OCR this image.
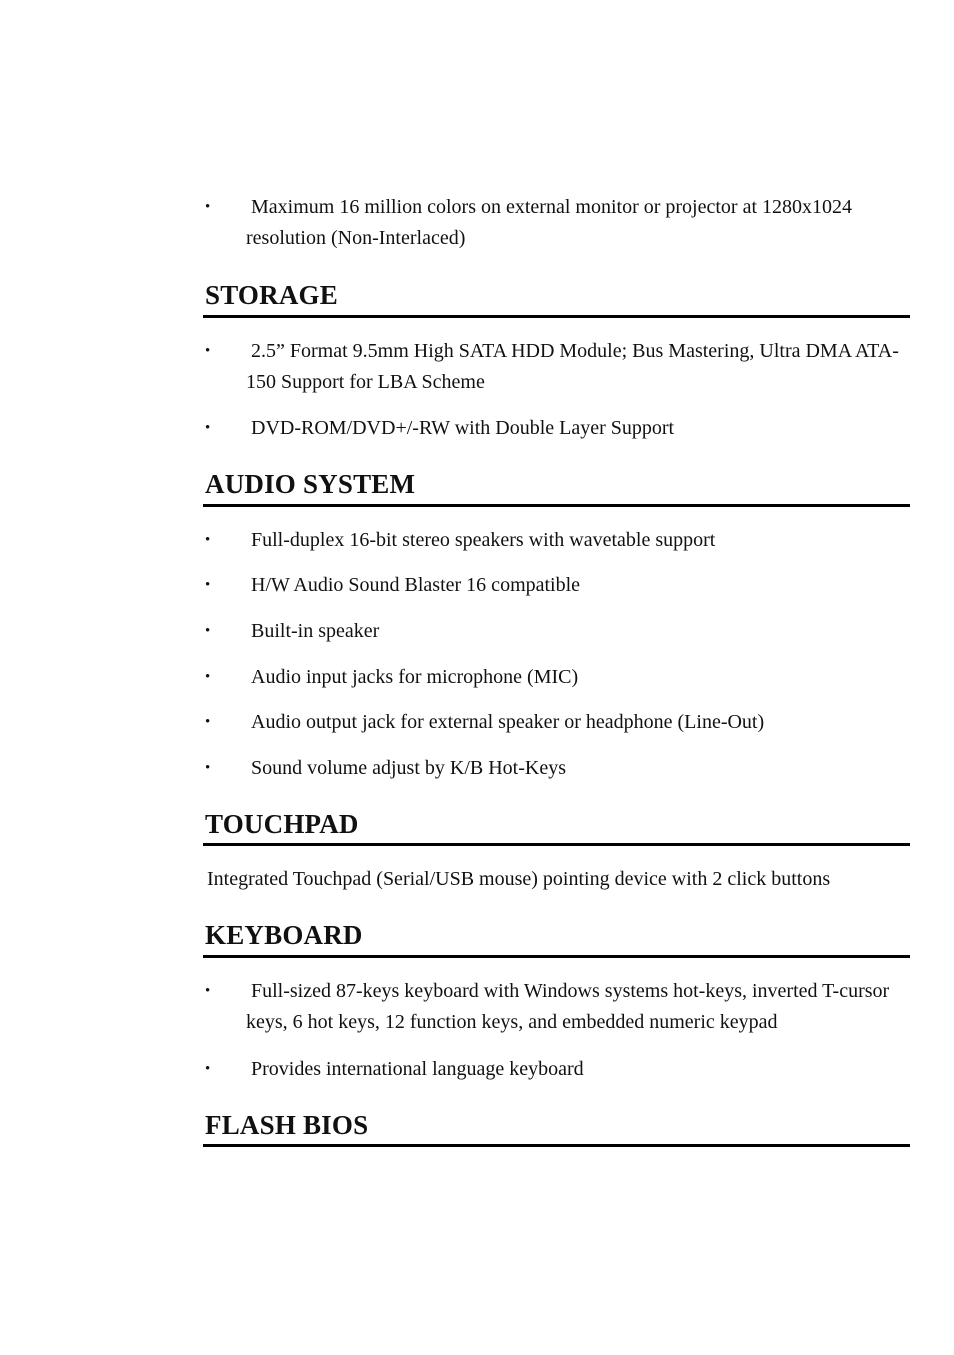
•	Maximum 16 million colors on external monitor or projector at 1280x1024 resolution (Non-Interlaced)
STORAGE
•	2.5” Format 9.5mm High SATA HDD Module; Bus Mastering, Ultra DMA ATA-150 Support for LBA Scheme
•	DVD-ROM/DVD+/-RW with Double Layer Support
AUDIO SYSTEM
•	Full-duplex 16-bit stereo speakers with wavetable support
•	H/W Audio Sound Blaster 16 compatible
•	Built-in speaker
•	Audio input jacks for microphone (MIC)
•	Audio output jack for external speaker or headphone (Line-Out)
•	Sound volume adjust by K/B Hot-Keys
TOUCHPAD
Integrated Touchpad (Serial/USB mouse) pointing device with 2 click buttons
KEYBOARD
•	Full-sized 87-keys keyboard with Windows systems hot-keys, inverted T-cursor keys, 6 hot keys, 12 function keys, and embedded numeric keypad
•	Provides international language keyboard
FLASH BIOS
